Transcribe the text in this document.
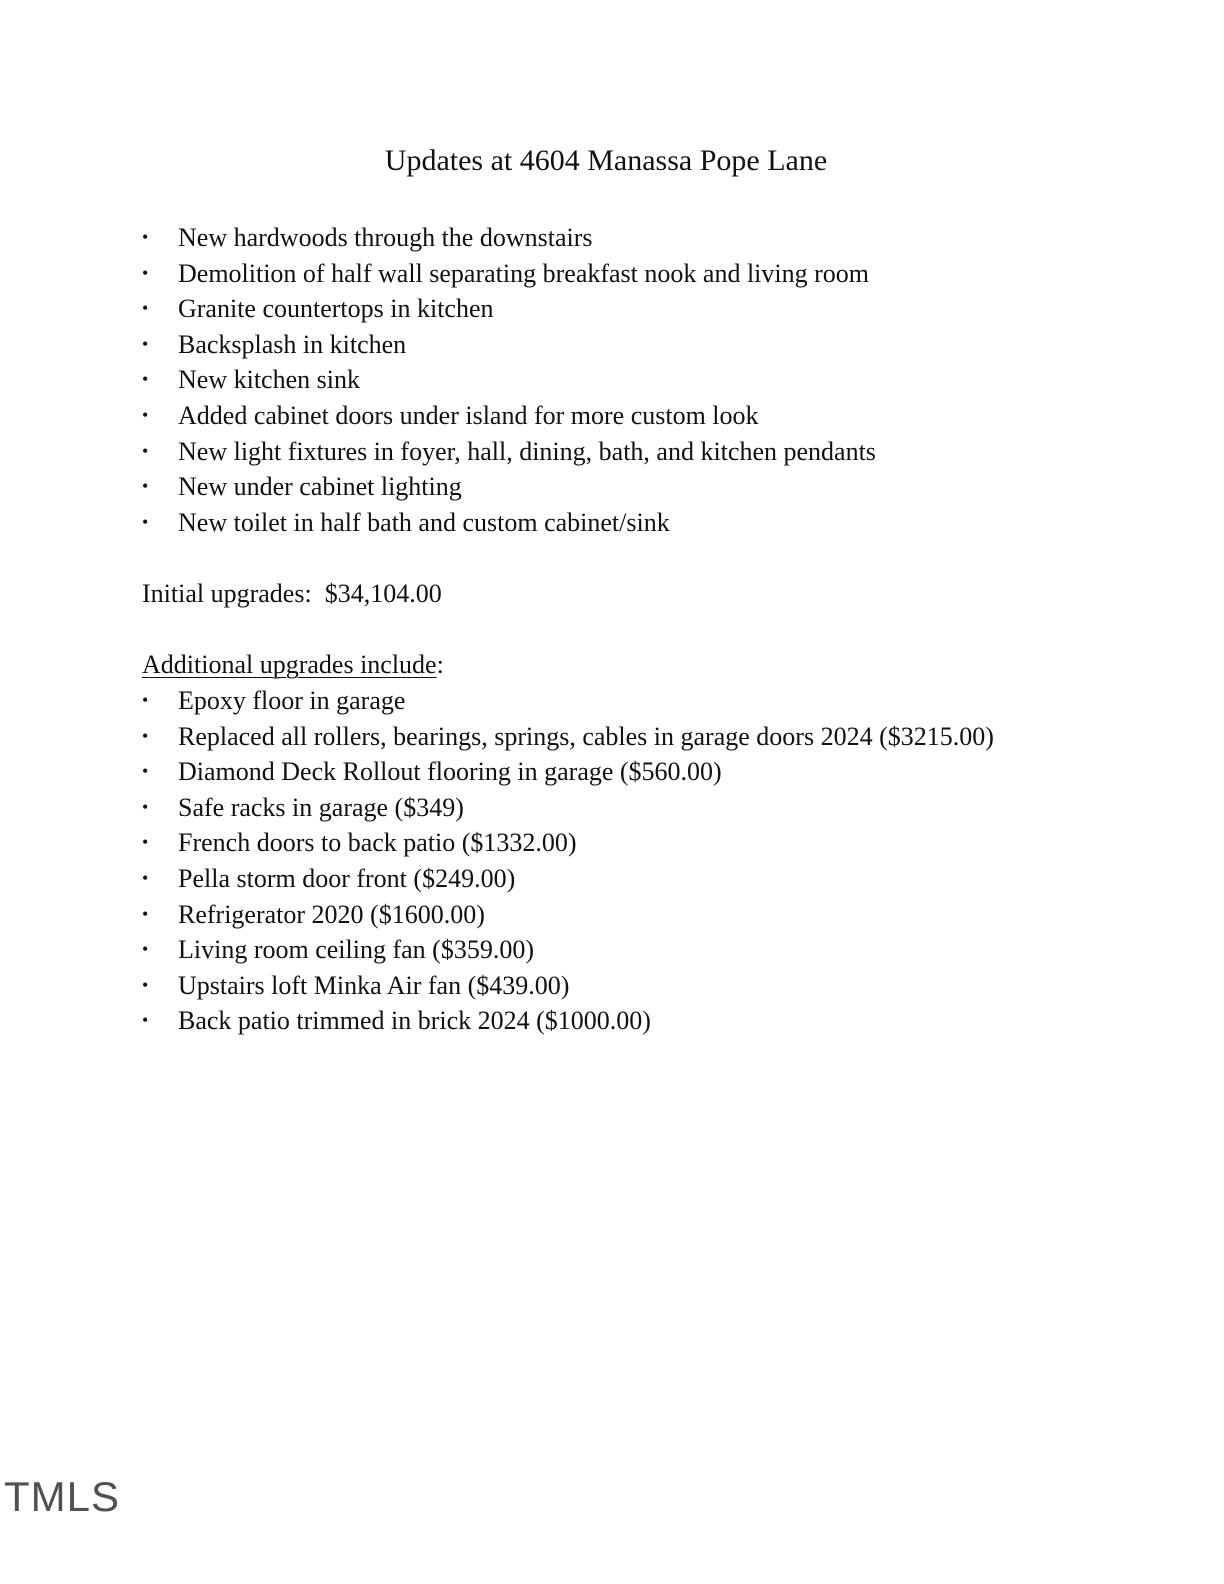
Updates at 4604 Manassa Pope Lane
• New hardwoods through the downstairs
• Demolition of half wall separating breakfast nook and living room
• Granite countertops in kitchen
• Backsplash in kitchen
• New kitchen sink
• Added cabinet doors under island for more custom look
• New light fixtures in foyer, hall, dining, bath, and kitchen pendants
• New under cabinet lighting
• New toilet in half bath and custom cabinet/sink

Initial upgrades: $34,104.00

Additional upgrades include:

• Epoxy floor in garage
• Replaced all rollers, bearings, springs, cables in garage doors 2024 ($3215.00)
• Diamond Deck Rollout flooring in garage ($560.00)
• Safe racks in garage ($349)
• French doors to back patio ($1332.00)
• Pella storm door front ($249.00)
• Refrigerator 2020 ($1600.00)
• Living room ceiling fan ($359.00)
• Upstairs loft Minka Air fan ($439.00)
• Back patio trimmed in brick 2024 ($1000.00)
TMLS
